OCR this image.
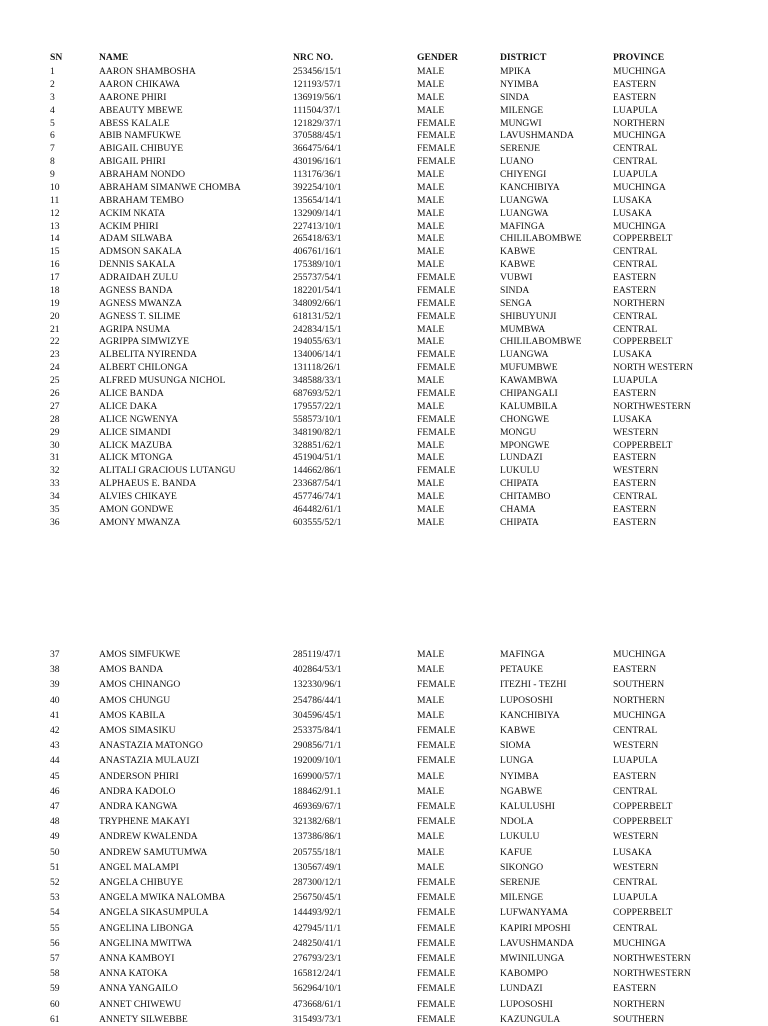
SN	NAME	NRC NO.	GENDER	DISTRICT	PROVINCE
1	AARON SHAMBOSHA	253456/15/1	MALE	MPIKA	MUCHINGA
2	AARON CHIKAWA	121193/57/1	MALE	NYIMBA	EASTERN
3	AARONE PHIRI	136919/56/1	MALE	SINDA	EASTERN
4	ABEAUTY MBEWE	111504/37/1	MALE	MILENGE	LUAPULA
5	ABESS KALALE	121829/37/1	FEMALE	MUNGWI	NORTHERN
6	ABIB NAMFUKWE	370588/45/1	FEMALE	LAVUSHMANDA	MUCHINGA
7	ABIGAIL CHIBUYE	366475/64/1	FEMALE	SERENJE	CENTRAL
8	ABIGAIL PHIRI	430196/16/1	FEMALE	LUANO	CENTRAL
9	ABRAHAM NONDO	113176/36/1	MALE	CHIYENGI	LUAPULA
10	ABRAHAM SIMANWE CHOMBA	392254/10/1	MALE	KANCHIBIYA	MUCHINGA
11	ABRAHAM TEMBO	135654/14/1	MALE	LUANGWA	LUSAKA
12	ACKIM NKATA	132909/14/1	MALE	LUANGWA	LUSAKA
13	ACKIM PHIRI	227413/10/1	MALE	MAFINGA	MUCHINGA
14	ADAM SILWABA	265418/63/1	MALE	CHILILABOMBWE	COPPERBELT
15	ADMSON SAKALA	406761/16/1	MALE	KABWE	CENTRAL
16	DENNIS SAKALA	175389/10/1	MALE	KABWE	CENTRAL
17	ADRAIDAH ZULU	255737/54/1	FEMALE	VUBWI	EASTERN
18	AGNESS BANDA	182201/54/1	FEMALE	SINDA	EASTERN
19	AGNESS MWANZA	348092/66/1	FEMALE	SENGA	NORTHERN
20	AGNESS T. SILIME	618131/52/1	FEMALE	SHIBUYUNJI	CENTRAL
21	AGRIPA NSUMA	242834/15/1	MALE	MUMBWA	CENTRAL
22	AGRIPPA SIMWIZYE	194055/63/1	MALE	CHILILABOMBWE	COPPERBELT
23	ALBELITA NYIRENDA	134006/14/1	FEMALE	LUANGWA	LUSAKA
24	ALBERT CHILONGA	131118/26/1	FEMALE	MUFUMBWE	NORTH WESTERN
25	ALFRED MUSUNGA NICHOL	348588/33/1	MALE	KAWAMBWA	LUAPULA
26	ALICE BANDA	687693/52/1	FEMALE	CHIPANGALI	EASTERN
27	ALICE DAKA	179557/22/1	MALE	KALUMBILA	NORTHWESTERN
28	ALICE NGWENYA	558573/10/1	FEMALE	CHONGWE	LUSAKA
29	ALICE SIMANDI	348190/82/1	FEMALE	MONGU	WESTERN
30	ALICK MAZUBA	328851/62/1	MALE	MPONGWE	COPPERBELT
31	ALICK MTONGA	451904/51/1	MALE	LUNDAZI	EASTERN
32	ALITALI GRACIOUS LUTANGU	144662/86/1	FEMALE	LUKULU	WESTERN
33	ALPHAEUS E. BANDA	233687/54/1	MALE	CHIPATA	EASTERN
34	ALVIES CHIKAYE	457746/74/1	MALE	CHITAMBO	CENTRAL
35	AMON GONDWE	464482/61/1	MALE	CHAMA	EASTERN
36	AMONY MWANZA	603555/52/1	MALE	CHIPATA	EASTERN
37	AMOS SIMFUKWE	285119/47/1	MALE	MAFINGA	MUCHINGA
38	AMOS BANDA	402864/53/1	MALE	PETAUKE	EASTERN
39	AMOS CHINANGO	132330/96/1	FEMALE	ITEZHI - TEZHI	SOUTHERN
40	AMOS CHUNGU	254786/44/1	MALE	LUPOSOSHI	NORTHERN
41	AMOS KABILA	304596/45/1	MALE	KANCHIBIYA	MUCHINGA
42	AMOS SIMASIKU	253375/84/1	FEMALE	KABWE	CENTRAL
43	ANASTAZIA MATONGO	290856/71/1	FEMALE	SIOMA	WESTERN
44	ANASTAZIA MULAUZI	192009/10/1	FEMALE	LUNGA	LUAPULA
45	ANDERSON PHIRI	169900/57/1	MALE	NYIMBA	EASTERN
46	ANDRA KADOLO	188462/91.1	MALE	NGABWE	CENTRAL
47	ANDRA KANGWA	469369/67/1	FEMALE	KALULUSHI	COPPERBELT
48	TRYPHENE MAKAYI	321382/68/1	FEMALE	NDOLA	COPPERBELT
49	ANDREW KWALENDA	137386/86/1	MALE	LUKULU	WESTERN
50	ANDREW SAMUTUMWA	205755/18/1	MALE	KAFUE	LUSAKA
51	ANGEL MALAMPI	130567/49/1	MALE	SIKONGO	WESTERN
52	ANGELA CHIBUYE	287300/12/1	FEMALE	SERENJE	CENTRAL
53	ANGELA MWIKA NALOMBA	256750/45/1	FEMALE	MILENGE	LUAPULA
54	ANGELA SIKASUMPULA	144493/92/1	FEMALE	LUFWANYAMA	COPPERBELT
55	ANGELINA LIBONGA	427945/11/1	FEMALE	KAPIRI MPOSHI	CENTRAL
56	ANGELINA MWITWA	248250/41/1	FEMALE	LAVUSHMANDA	MUCHINGA
57	ANNA KAMBOYI	276793/23/1	FEMALE	MWINILUNGA	NORTHWESTERN
58	ANNA KATOKA	165812/24/1	FEMALE	KABOMPO	NORTHWESTERN
59	ANNA YANGAILO	562964/10/1	FEMALE	LUNDAZI	EASTERN
60	ANNET CHIWEWU	473668/61/1	FEMALE	LUPOSOSHI	NORTHERN
61	ANNETY SILWEBBE	315493/73/1	FEMALE	KAZUNGULA	SOUTHERN
